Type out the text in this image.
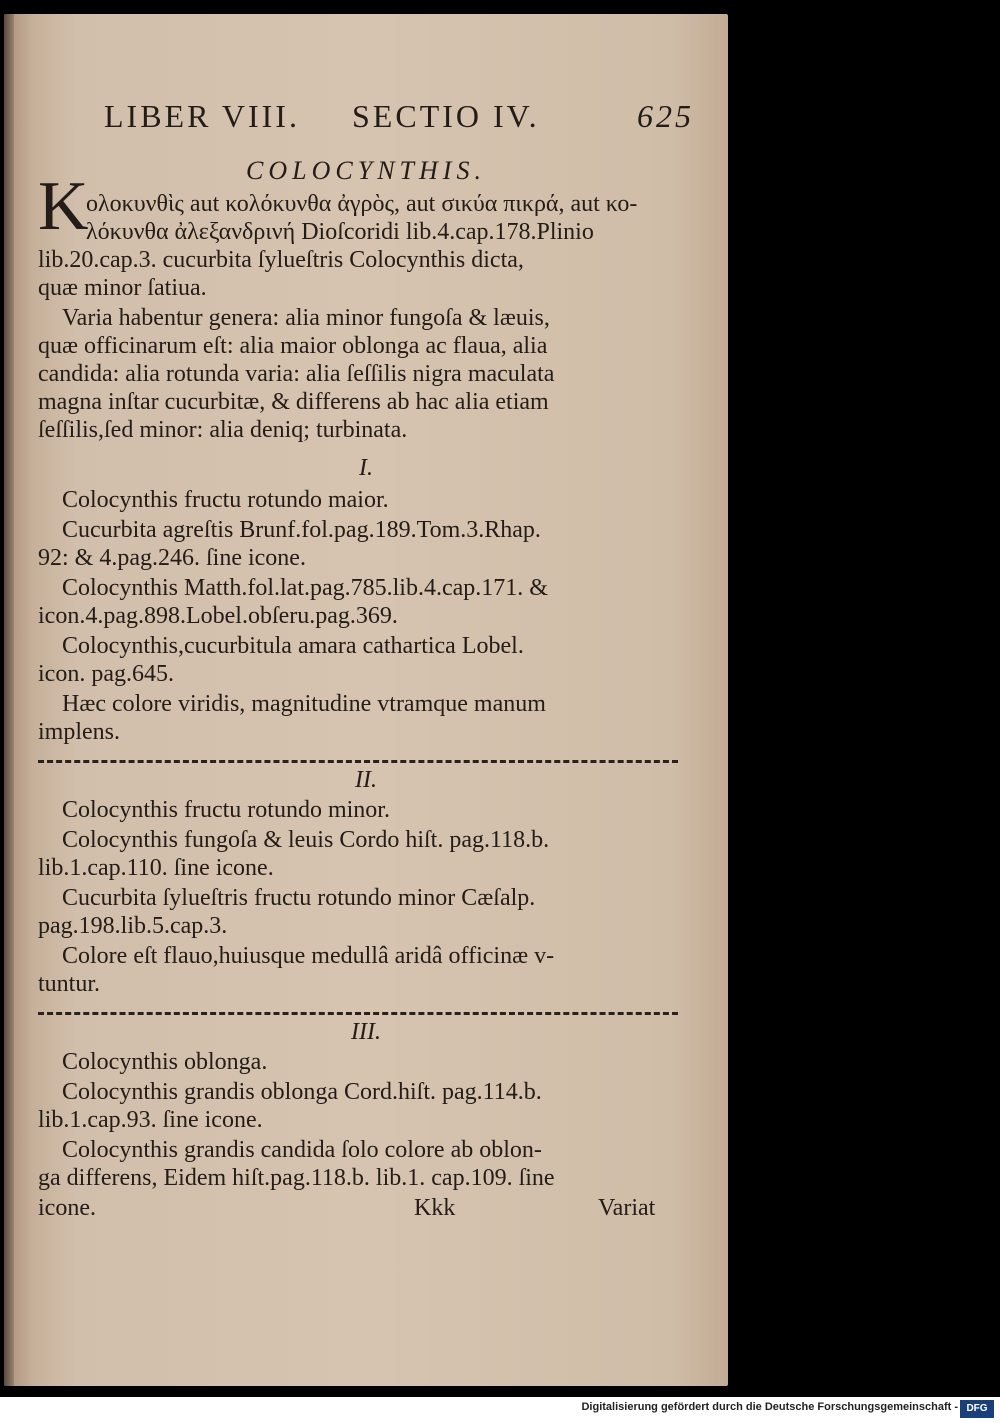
LIBER VIII. SECTIO IV.	625
COLOCYNTHIS.
K
ολοκυνθὶς aut κολόκυνθα ἀγρὸς, aut σικύα πικρά, aut κο-
λόκυνθα ἀλεξανδρινή Dioſcoridi lib.4.cap.178.Plinio
lib.20.cap.3. cucurbita ſylueſtris Colocynthis dicta,
quæ minor ſatiua.
Varia habentur genera: alia minor fungoſa & læuis,
quæ officinarum eſt: alia maior oblonga ac flaua, alia
candida: alia rotunda varia: alia ſeſſilis nigra maculata
magna inſtar cucurbitæ, & differens ab hac alia etiam
ſeſſilis,ſed minor: alia deniq; turbinata.
I.
Colocynthis fructu rotundo maior.
Cucurbita agreſtis Brunf.fol.pag.189.Tom.3.Rhap.
92: & 4.pag.246. ſine icone.
Colocynthis Matth.fol.lat.pag.785.lib.4.cap.171. &
icon.4.pag.898.Lobel.obſeru.pag.369.
Colocynthis,cucurbitula amara cathartica Lobel.
icon. pag.645.
Hæc colore viridis, magnitudine vtramque manum
implens.
II.
Colocynthis fructu rotundo minor.
Colocynthis fungoſa & leuis Cordo hiſt. pag.118.b.
lib.1.cap.110. ſine icone.
Cucurbita ſylueſtris fructu rotundo minor Cæſalp.
pag.198.lib.5.cap.3.
Colore eſt flauo,huiusque medullâ aridâ officinæ v-
tuntur.
III.
Colocynthis oblonga.
Colocynthis grandis oblonga Cord.hiſt. pag.114.b.
lib.1.cap.93. ſine icone.
Colocynthis grandis candida ſolo colore ab oblon-
ga differens, Eidem hiſt.pag.118.b. lib.1. cap.109. ſine
icone.	Kkk	Variat
Digitalisierung gefördert durch die Deutsche Forschungsgemeinschaft - DFG
